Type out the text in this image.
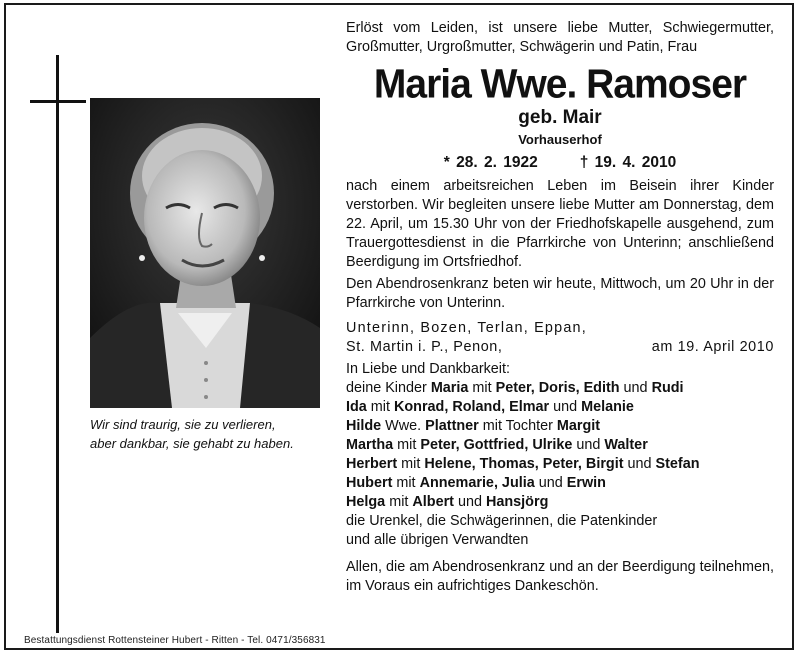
Wir sind traurig, sie zu verlieren,
aber dankbar, sie gehabt zu haben.
Bestattungsdienst Rottensteiner Hubert - Ritten - Tel. 0471/356831

Erlöst vom Leiden, ist unsere liebe Mutter, Schwiegermutter, Großmutter, Urgroßmutter, Schwägerin und Patin, Frau

Maria Wwe. Ramoser
geb. Mair
Vorhauserhof
* 28. 2. 1922	† 19. 4. 2010

nach einem arbeitsreichen Leben im Beisein ihrer Kinder verstorben. Wir begleiten unsere liebe Mutter am Donnerstag, dem 22. April, um 15.30 Uhr von der Friedhofskapelle ausgehend, zum Trauergottesdienst in die Pfarrkirche von Unterinn; anschließend Beerdigung im Ortsfriedhof.

Den Abendrosenkranz beten wir heute, Mittwoch, um 20 Uhr in der Pfarrkirche von Unterinn.

Unterinn, Bozen, Terlan, Eppan,
St. Martin i. P., Penon,	am 19. April 2010
In Liebe und Dankbarkeit:
deine Kinder Maria mit Peter, Doris, Edith und Rudi
Ida mit Konrad, Roland, Elmar und Melanie
Hilde Wwe. Plattner mit Tochter Margit
Martha mit Peter, Gottfried, Ulrike und Walter
Herbert mit Helene, Thomas, Peter, Birgit und Stefan
Hubert mit Annemarie, Julia und Erwin
Helga mit Albert und Hansjörg
die Urenkel, die Schwägerinnen, die Patenkinder
und alle übrigen Verwandten

Allen, die am Abendrosenkranz und an der Beerdigung teilnehmen, im Voraus ein aufrichtiges Dankeschön.
